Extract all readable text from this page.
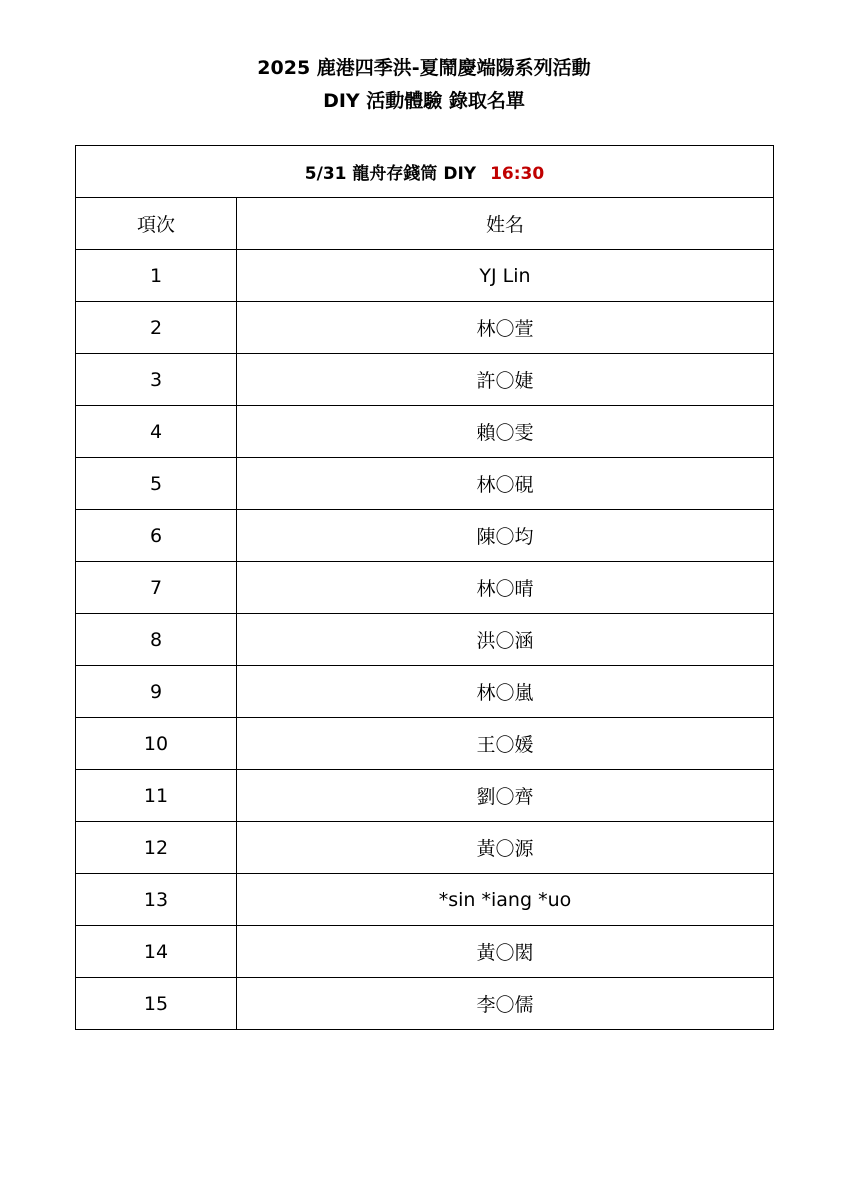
2025 鹿港四季洪-夏鬧慶端陽系列活動
DIY 活動體驗 錄取名單
5/31 龍舟存錢筒 DIY 16:30	
項次	姓名
1	YJ Lin
2	林〇萱
3	許〇婕
4	賴〇雯
5	林〇硯
6	陳〇均
7	林〇晴
8	洪〇涵
9	林〇嵐
10	王〇媛
11	劉〇齊
12	黃〇源
13	*sin *iang *uo
14	黃〇閎
15	李〇儒
